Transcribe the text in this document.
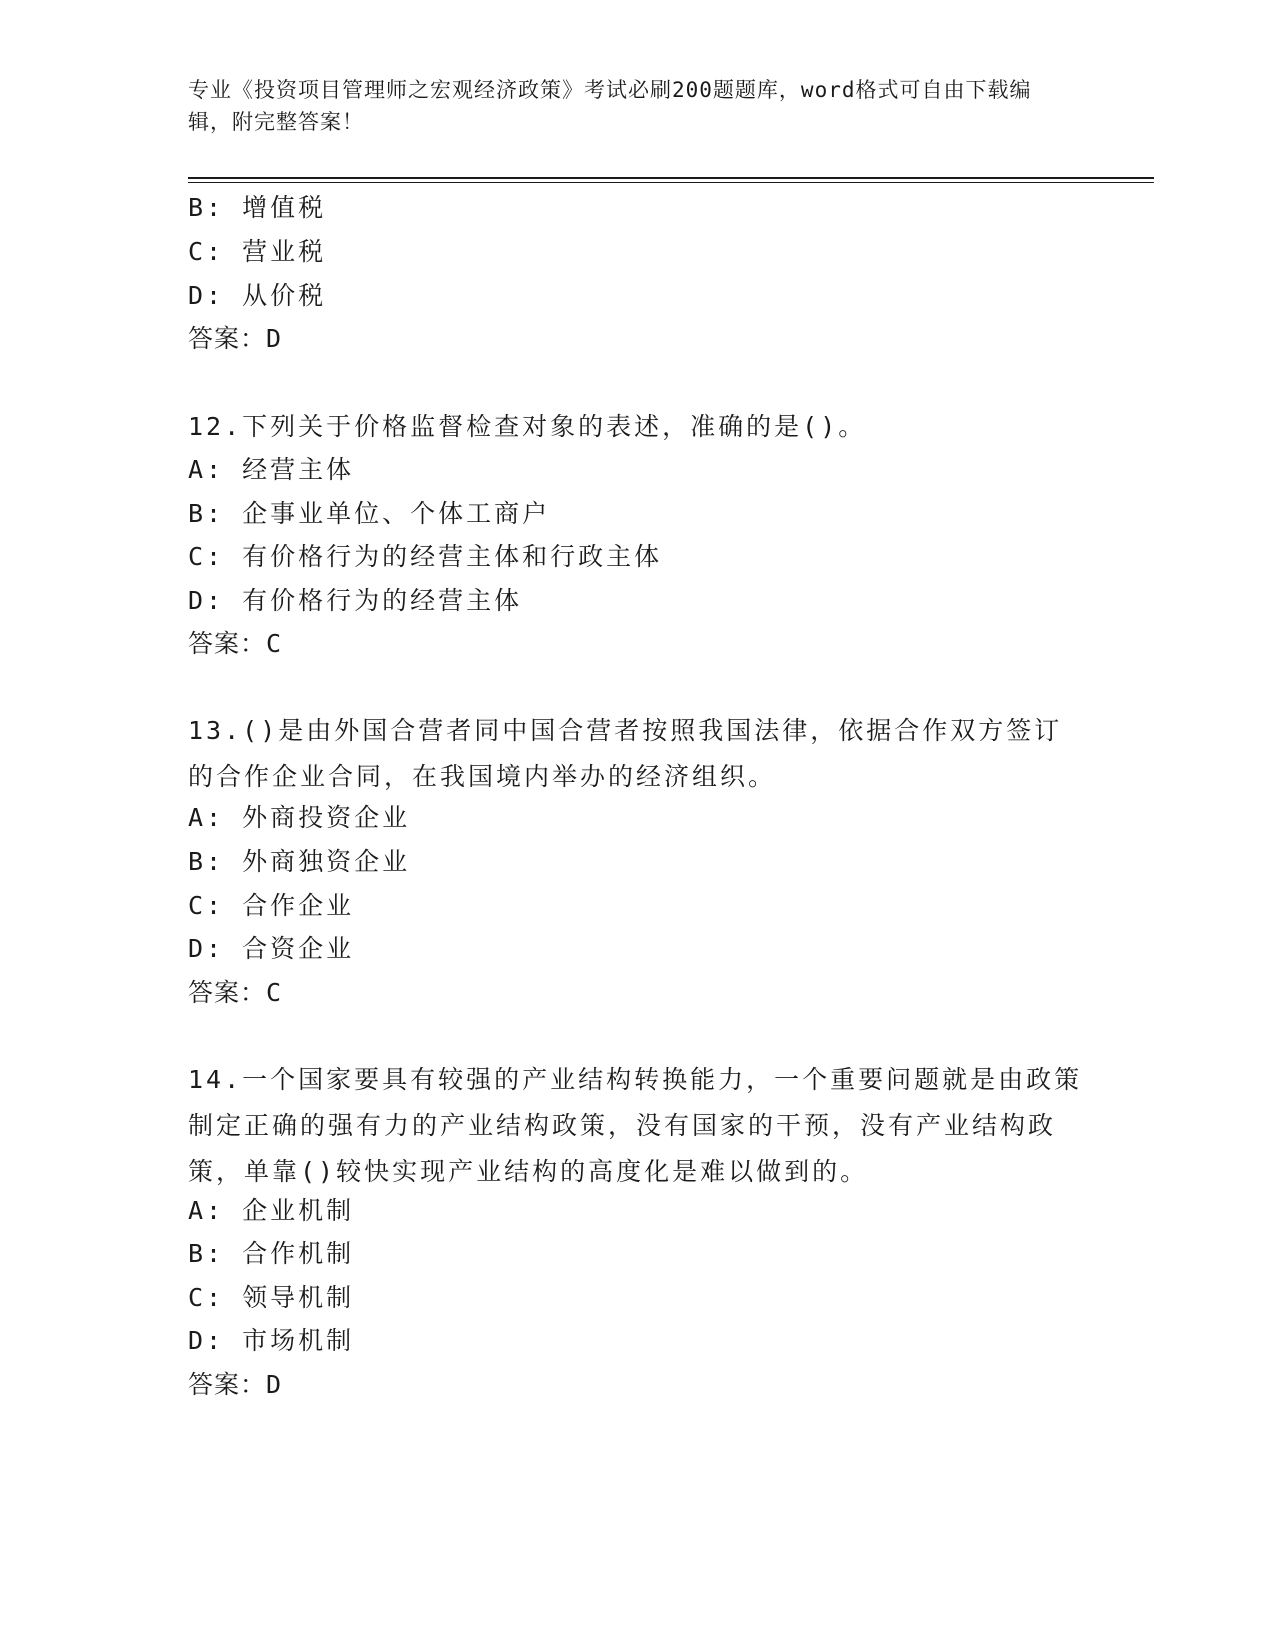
专业《投资项目管理师之宏观经济政策》考试必刷200题题库，word格式可自由下载编辑，附完整答案！
B: 增值税
C: 营业税
D: 从价税
答案：D
12.下列关于价格监督检查对象的表述，准确的是()。
A: 经营主体
B: 企事业单位、个体工商户
C: 有价格行为的经营主体和行政主体
D: 有价格行为的经营主体
答案：C
13.()是由外国合营者同中国合营者按照我国法律，依据合作双方签订的合作企业合同，在我国境内举办的经济组织。
A: 外商投资企业
B: 外商独资企业
C: 合作企业
D: 合资企业
答案：C
14.一个国家要具有较强的产业结构转换能力，一个重要问题就是由政策制定正确的强有力的产业结构政策，没有国家的干预，没有产业结构政策，单靠()较快实现产业结构的高度化是难以做到的。
A: 企业机制
B: 合作机制
C: 领导机制
D: 市场机制
答案：D
